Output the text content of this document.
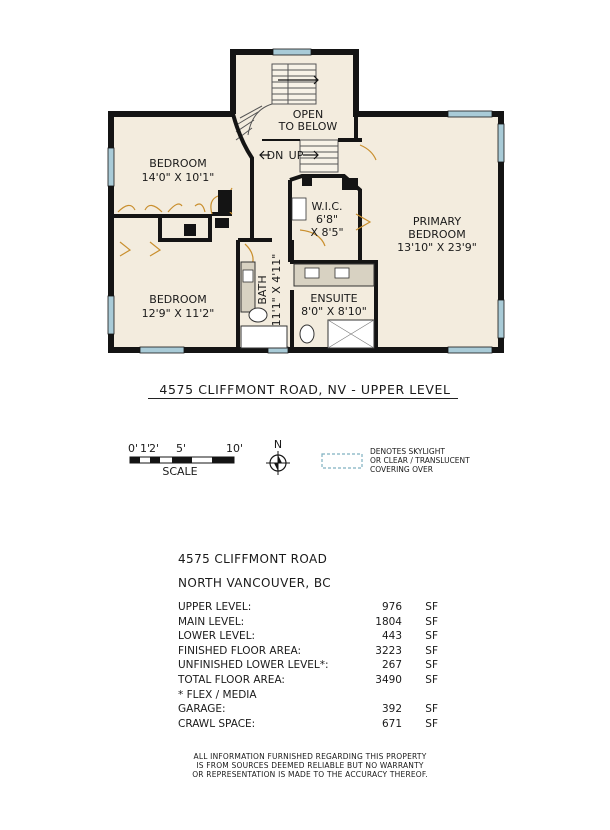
BEDROOM
14'0" X 10'1"
BEDROOM
12'9" X 11'2"
PRIMARY
BEDROOM
13'10" X 23'9"
W.I.C.
6'8"
X 8'5"
ENSUITE
8'0" X 8'10"
OPEN
TO BELOW
DN UP
BATH 11'1" X 4'11"
0' 1'
2' 5'	10'
SCALE
N
DENOTES SKYLIGHT
OR CLEAR / TRANSLUCENT
COVERING OVER
4575 CLIFFMONT ROAD, NV - UPPER LEVEL
4575 CLIFFMONT ROAD
NORTH VANCOUVER, BC
UPPER LEVEL:	976	SF
MAIN LEVEL:	1804	SF
LOWER LEVEL:	443	SF
FINISHED FLOOR AREA:	3223	SF
UNFINISHED LOWER LEVEL*:	267	SF
TOTAL FLOOR AREA:	3490	SF
* FLEX / MEDIA
GARAGE:	392	SF
CRAWL SPACE:	671	SF
ALL INFORMATION FURNISHED REGARDING THIS PROPERTY
IS FROM SOURCES DEEMED RELIABLE BUT NO WARRANTY
OR REPRESENTATION IS MADE TO THE ACCURACY THEREOF.
